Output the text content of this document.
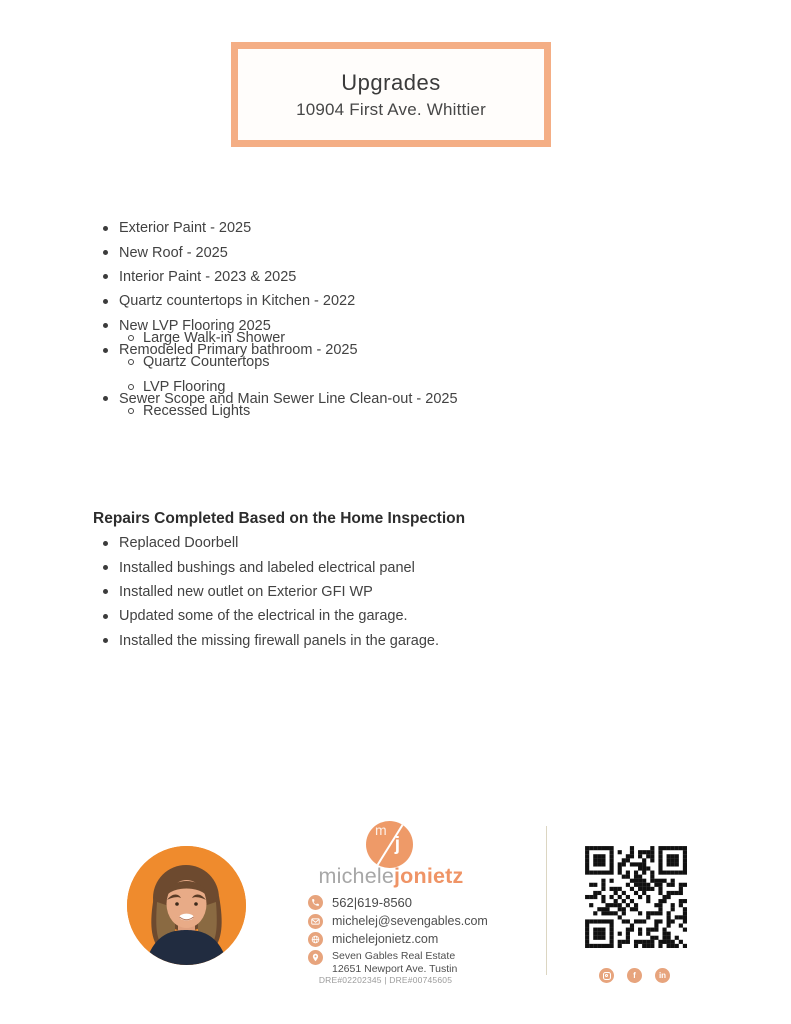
Upgrades
10904 First Ave. Whittier
Exterior Paint - 2025
New Roof - 2025
Interior Paint - 2023 & 2025
Quartz countertops in Kitchen - 2022
New LVP Flooring 2025
Remodeled Primary bathroom - 2025
Large Walk-in Shower
Quartz Countertops
LVP Flooring
Recessed Lights
Sewer Scope and Main Sewer Line Clean-out - 2025
Repairs Completed Based on the Home Inspection
Replaced Doorbell
Installed bushings and labeled electrical panel
Installed new outlet on Exterior GFI WP
Updated some of the electrical in the garage.
Installed the missing firewall panels in the garage.
m
j
michelejonietz
562|619-8560
michelej@sevengables.com
michelejonietz.com
Seven Gables Real Estate
12651 Newport Ave. Tustin
DRE#02202345 | DRE#00745605	f	in
